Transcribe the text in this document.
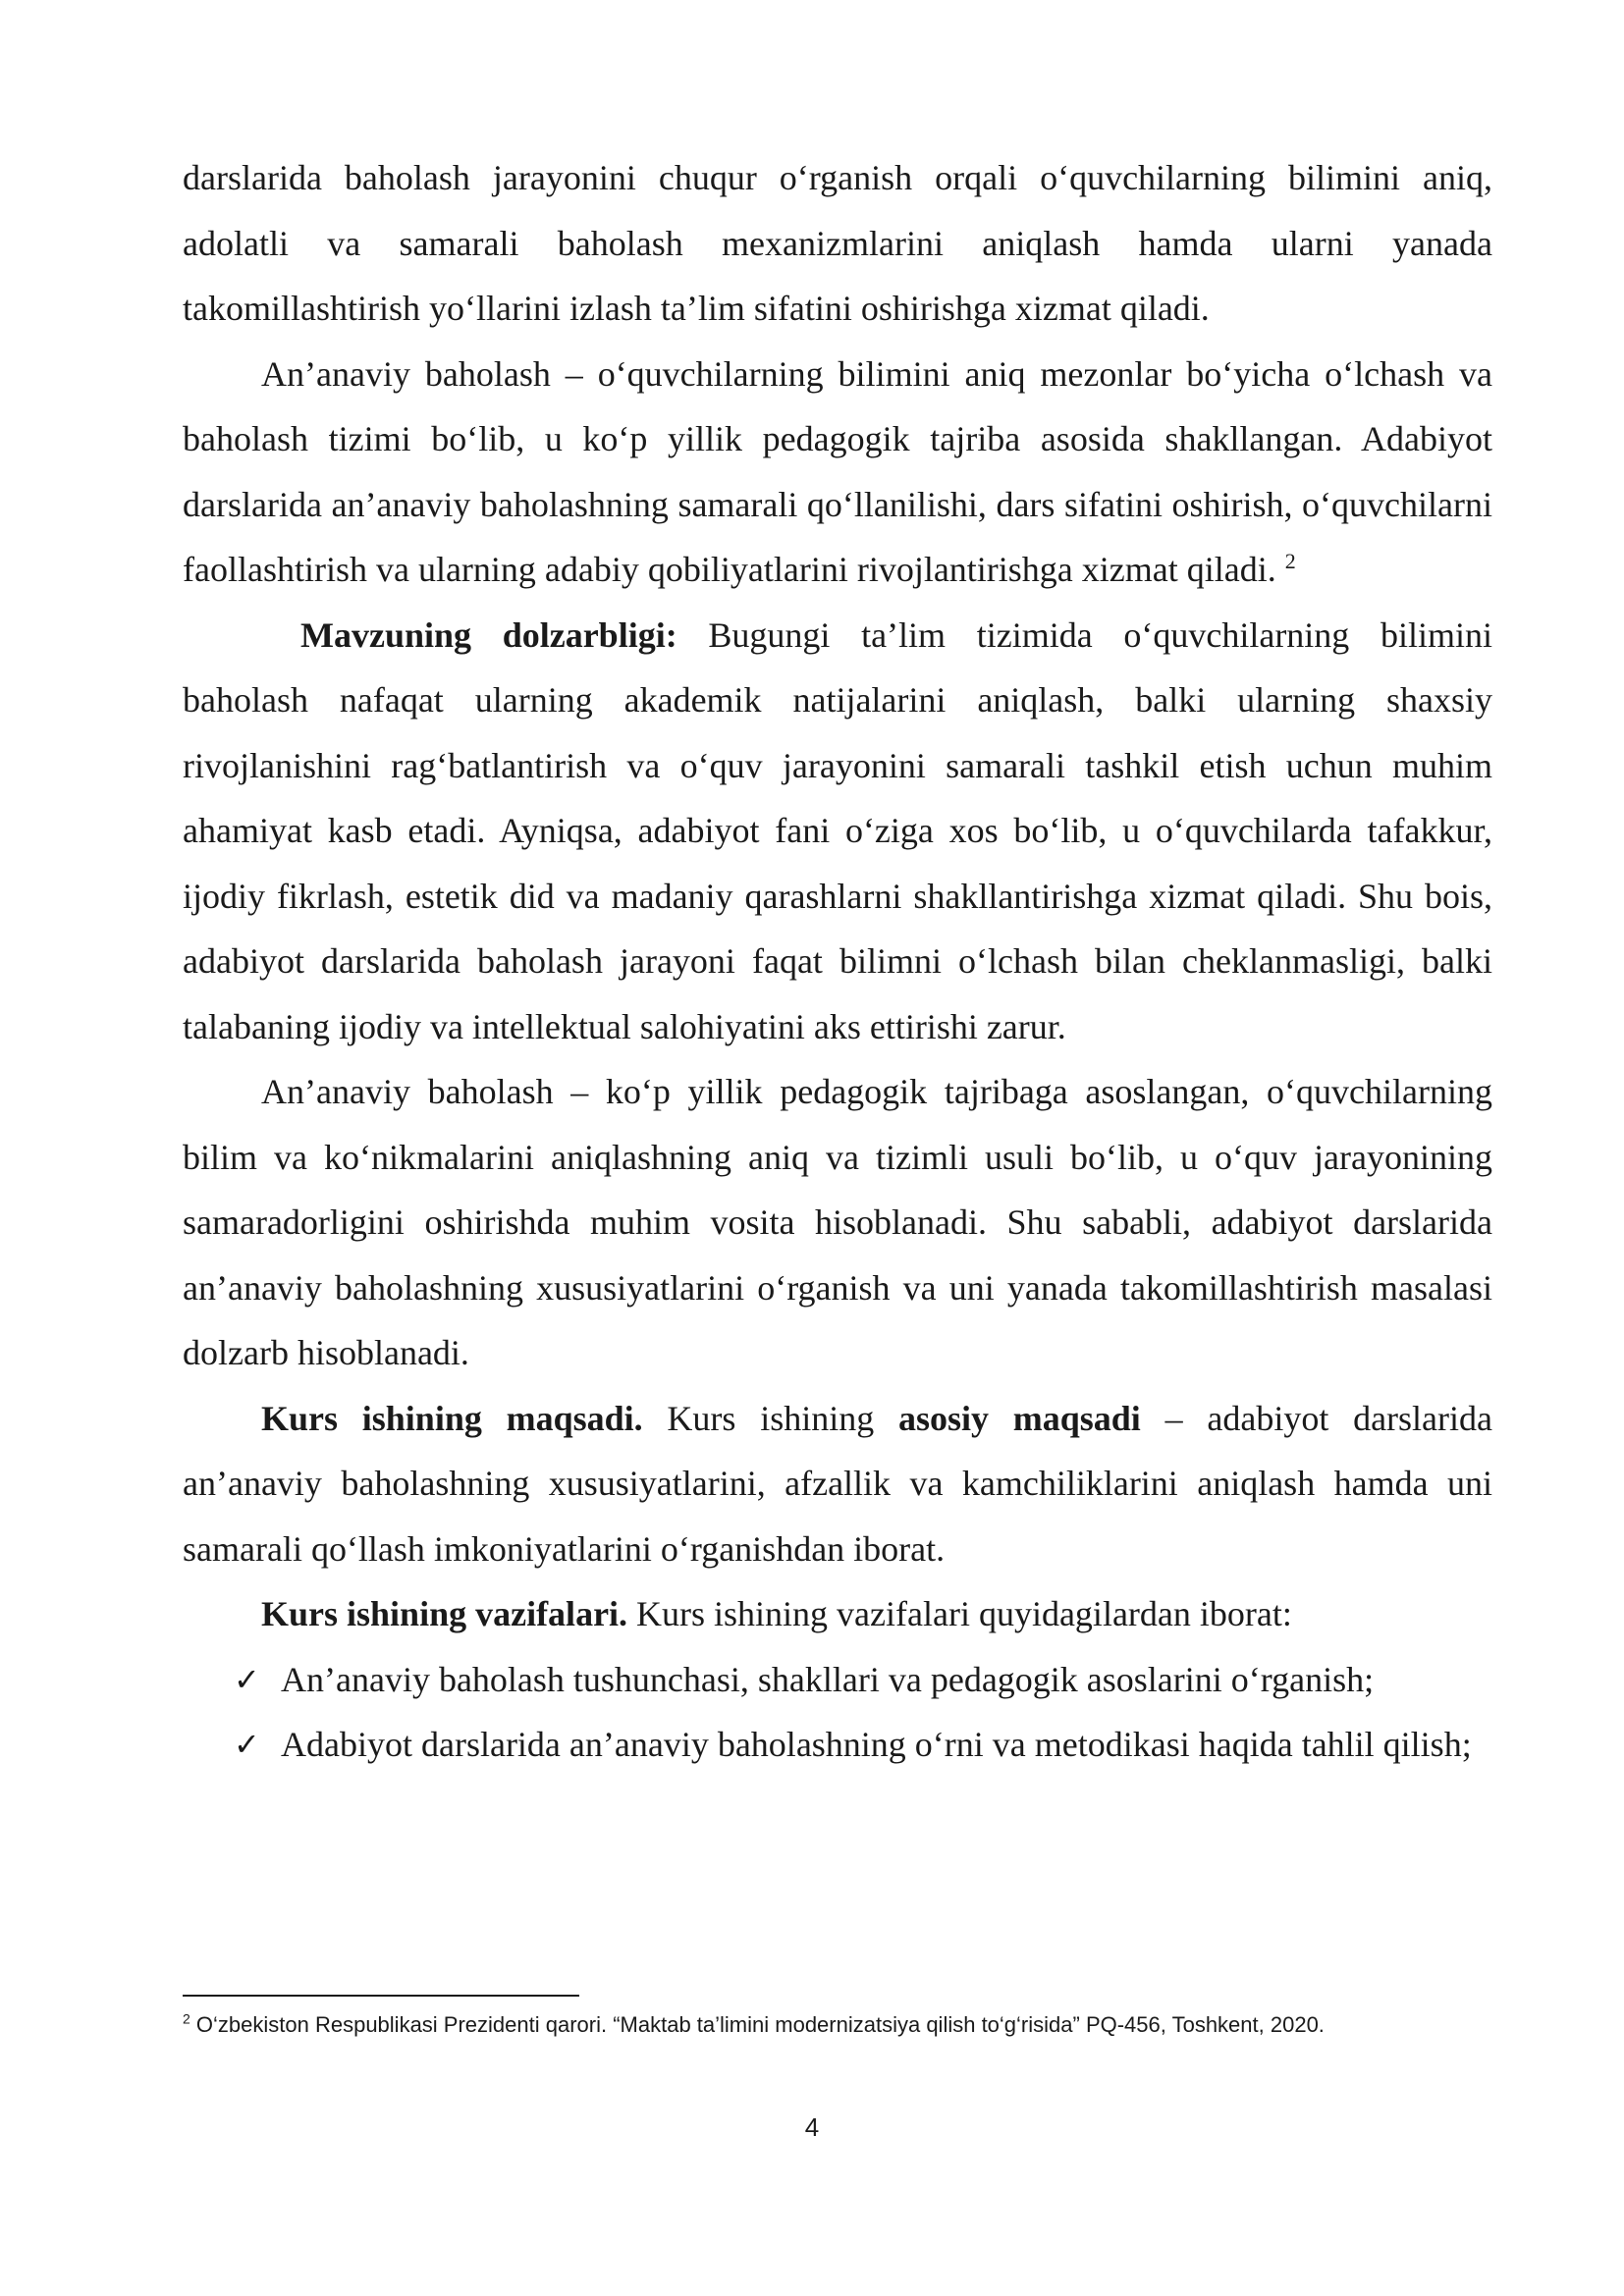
darslarida baholash jarayonini chuqur o‘rganish orqali o‘quvchilarning bilimini aniq, adolatli va samarali baholash mexanizmlarini aniqlash hamda ularni yanada takomillashtirish yo‘llarini izlash ta’lim sifatini oshirishga xizmat qiladi.

An’anaviy baholash – o‘quvchilarning bilimini aniq mezonlar bo‘yicha o‘lchash va baholash tizimi bo‘lib, u ko‘p yillik pedagogik tajriba asosida shakllangan. Adabiyot darslarida an’anaviy baholashning samarali qo‘llanilishi, dars sifatini oshirish, o‘quvchilarni faollashtirish va ularning adabiy qobiliyatlarini rivojlantirishga xizmat qiladi. $^2$

Mavzuning dolzarbligi: Bugungi ta’lim tizimida o‘quvchilarning bilimini baholash nafaqat ularning akademik natijalarini aniqlash, balki ularning shaxsiy rivojlanishini rag‘batlantirish va o‘quv jarayonini samarali tashkil etish uchun muhim ahamiyat kasb etadi. Ayniqsa, adabiyot fani o‘ziga xos bo‘lib, u o‘quvchilarda tafakkur, ijodiy fikrlash, estetik did va madaniy qarashlarni shakllantirishga xizmat qiladi. Shu bois, adabiyot darslarida baholash jarayoni faqat bilimni o‘lchash bilan cheklanmasligi, balki talabaning ijodiy va intellektual salohiyatini aks ettirishi zarur.

An’anaviy baholash – ko‘p yillik pedagogik tajribaga asoslangan, o‘quvchilarning bilim va ko‘nikmalarini aniqlashning aniq va tizimli usuli bo‘lib, u o‘quv jarayonining samaradorligini oshirishda muhim vosita hisoblanadi. Shu sababli, adabiyot darslarida an’anaviy baholashning xususiyatlarini o‘rganish va uni yanada takomillashtirish masalasi dolzarb hisoblanadi.

Kurs ishining maqsadi. Kurs ishining asosiy maqsadi – adabiyot darslarida an’anaviy baholashning xususiyatlarini, afzallik va kamchiliklarini aniqlash hamda uni samarali qo‘llash imkoniyatlarini o‘rganishdan iborat.

Kurs ishining vazifalari. Kurs ishining vazifalari quyidagilardan iborat:

✓ An’anaviy baholash tushunchasi, shakllari va pedagogik asoslarini o‘rganish;
✓ Adabiyot darslarida an’anaviy baholashning o‘rni va metodikasi haqida tahlil qilish;
$^2$ O‘zbekiston Respublikasi Prezidenti qarori. “Maktab ta’limini modernizatsiya qilish to‘g‘risida” PQ-456, Toshkent, 2020.
4
